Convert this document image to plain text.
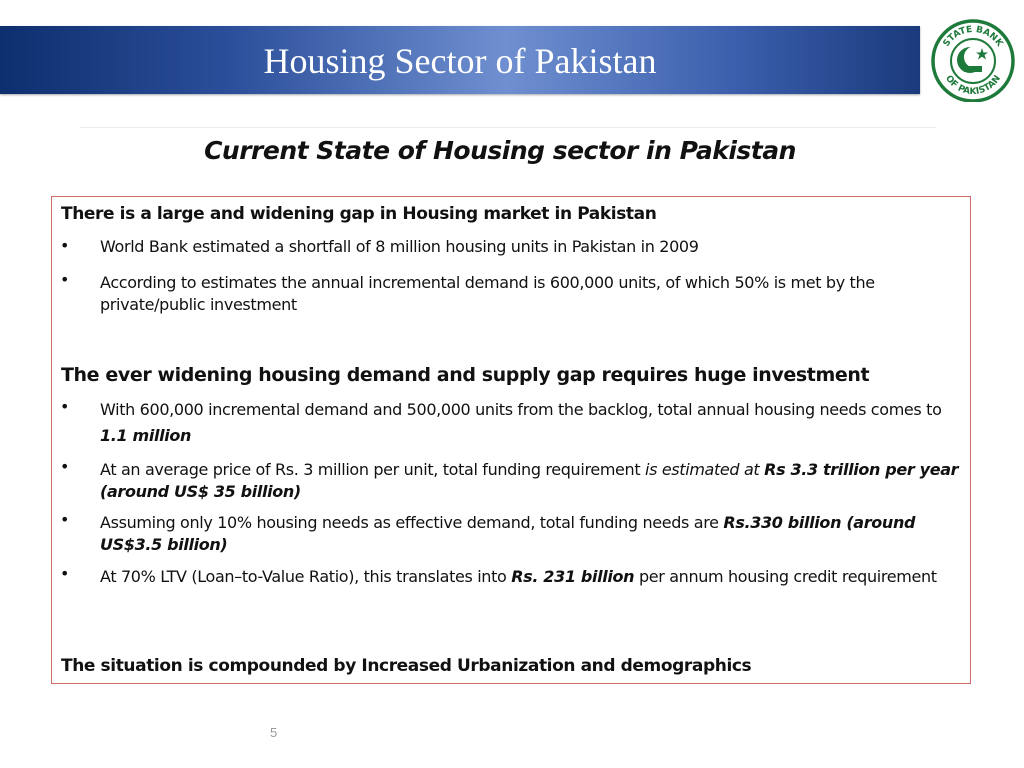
Housing Sector of Pakistan	STATE BANK
OF PAKISTAN
Current State of Housing sector in Pakistan
There is a large and widening gap in Housing market in Pakistan
• World Bank estimated a shortfall of 8 million housing units in Pakistan in 2009
• According to estimates the annual incremental demand is 600,000 units, of which 50% is met by the private/public investment
The ever widening housing demand and supply gap requires huge investment
• With 600,000 incremental demand and 500,000 units from the backlog, total annual housing needs comes to 1.1 million
• At an average price of Rs. 3 million per unit, total funding requirement is estimated at Rs 3.3 trillion per year (around US$ 35 billion)
• Assuming only 10% housing needs as effective demand, total funding needs are Rs.330 billion (around US$3.5 billion)
• At 70% LTV (Loan–to-Value Ratio), this translates into Rs. 231 billion per annum housing credit requirement
The situation is compounded by Increased Urbanization and demographics
5
